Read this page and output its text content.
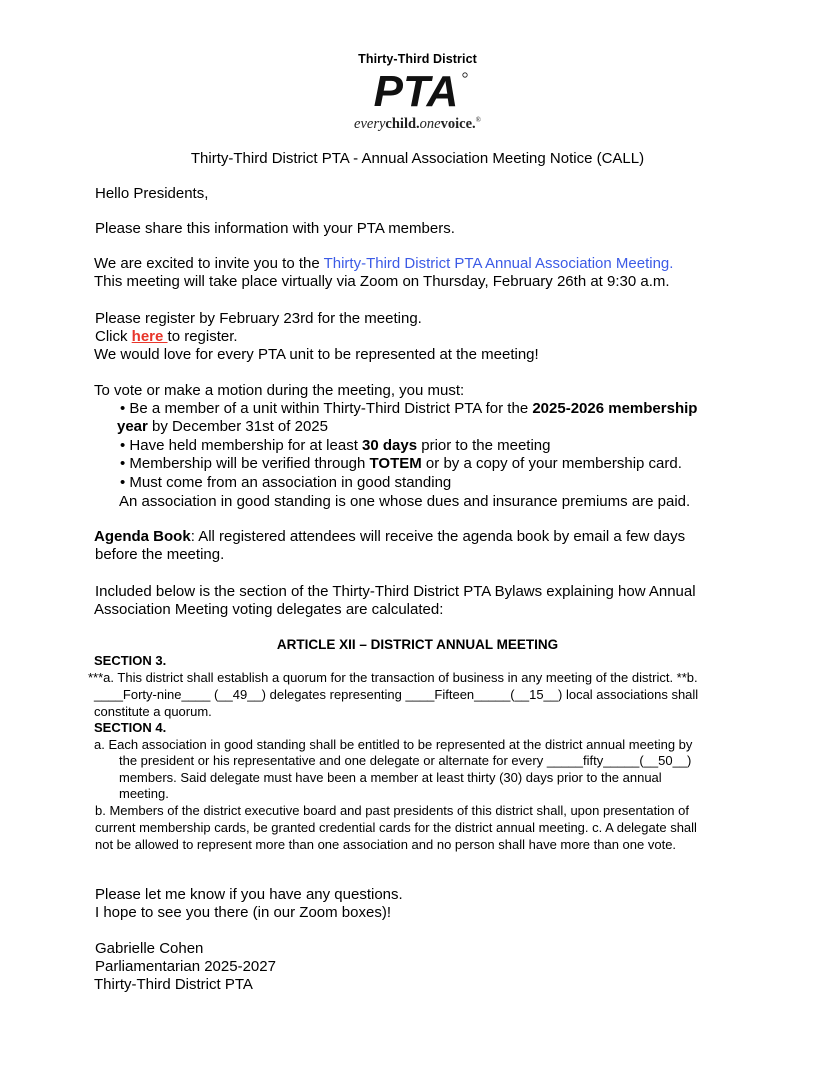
Thirty-Third District
PTA
everychild.onevoice.®
Thirty-Third District PTA - Annual Association Meeting Notice (CALL)
Hello Presidents,
Please share this information with your PTA members.
We are excited to invite you to the Thirty-Third District PTA Annual Association Meeting.
This meeting will take place virtually via Zoom on Thursday, February 26th at 9:30 a.m.
Please register by February 23rd for the meeting.
Click here to register.
We would love for every PTA unit to be represented at the meeting!
To vote or make a motion during the meeting, you must:
• Be a member of a unit within Thirty-Third District PTA for the 2025-2026 membership
year by December 31st of 2025
• Have held membership for at least 30 days prior to the meeting
• Membership will be verified through TOTEM or by a copy of your membership card.
• Must come from an association in good standing
An association in good standing is one whose dues and insurance premiums are paid.
Agenda Book: All registered attendees will receive the agenda book by email a few days
before the meeting.
Included below is the section of the Thirty-Third District PTA Bylaws explaining how Annual
Association Meeting voting delegates are calculated:
ARTICLE XII – DISTRICT ANNUAL MEETING
SECTION 3.
***a. This district shall establish a quorum for the transaction of business in any meeting of the district. **b.
____Forty-nine____ (__49__) delegates representing ____Fifteen_____(__15__) local associations shall
constitute a quorum.
SECTION 4.
a. Each association in good standing shall be entitled to be represented at the district annual meeting by
the president or his representative and one delegate or alternate for every _____fifty_____(__50__)
members. Said delegate must have been a member at least thirty (30) days prior to the annual
meeting.
b. Members of the district executive board and past presidents of this district shall, upon presentation of
current membership cards, be granted credential cards for the district annual meeting. c. A delegate shall
not be allowed to represent more than one association and no person shall have more than one vote.
Please let me know if you have any questions.
I hope to see you there (in our Zoom boxes)!
Gabrielle Cohen
Parliamentarian 2025-2027
Thirty-Third District PTA
